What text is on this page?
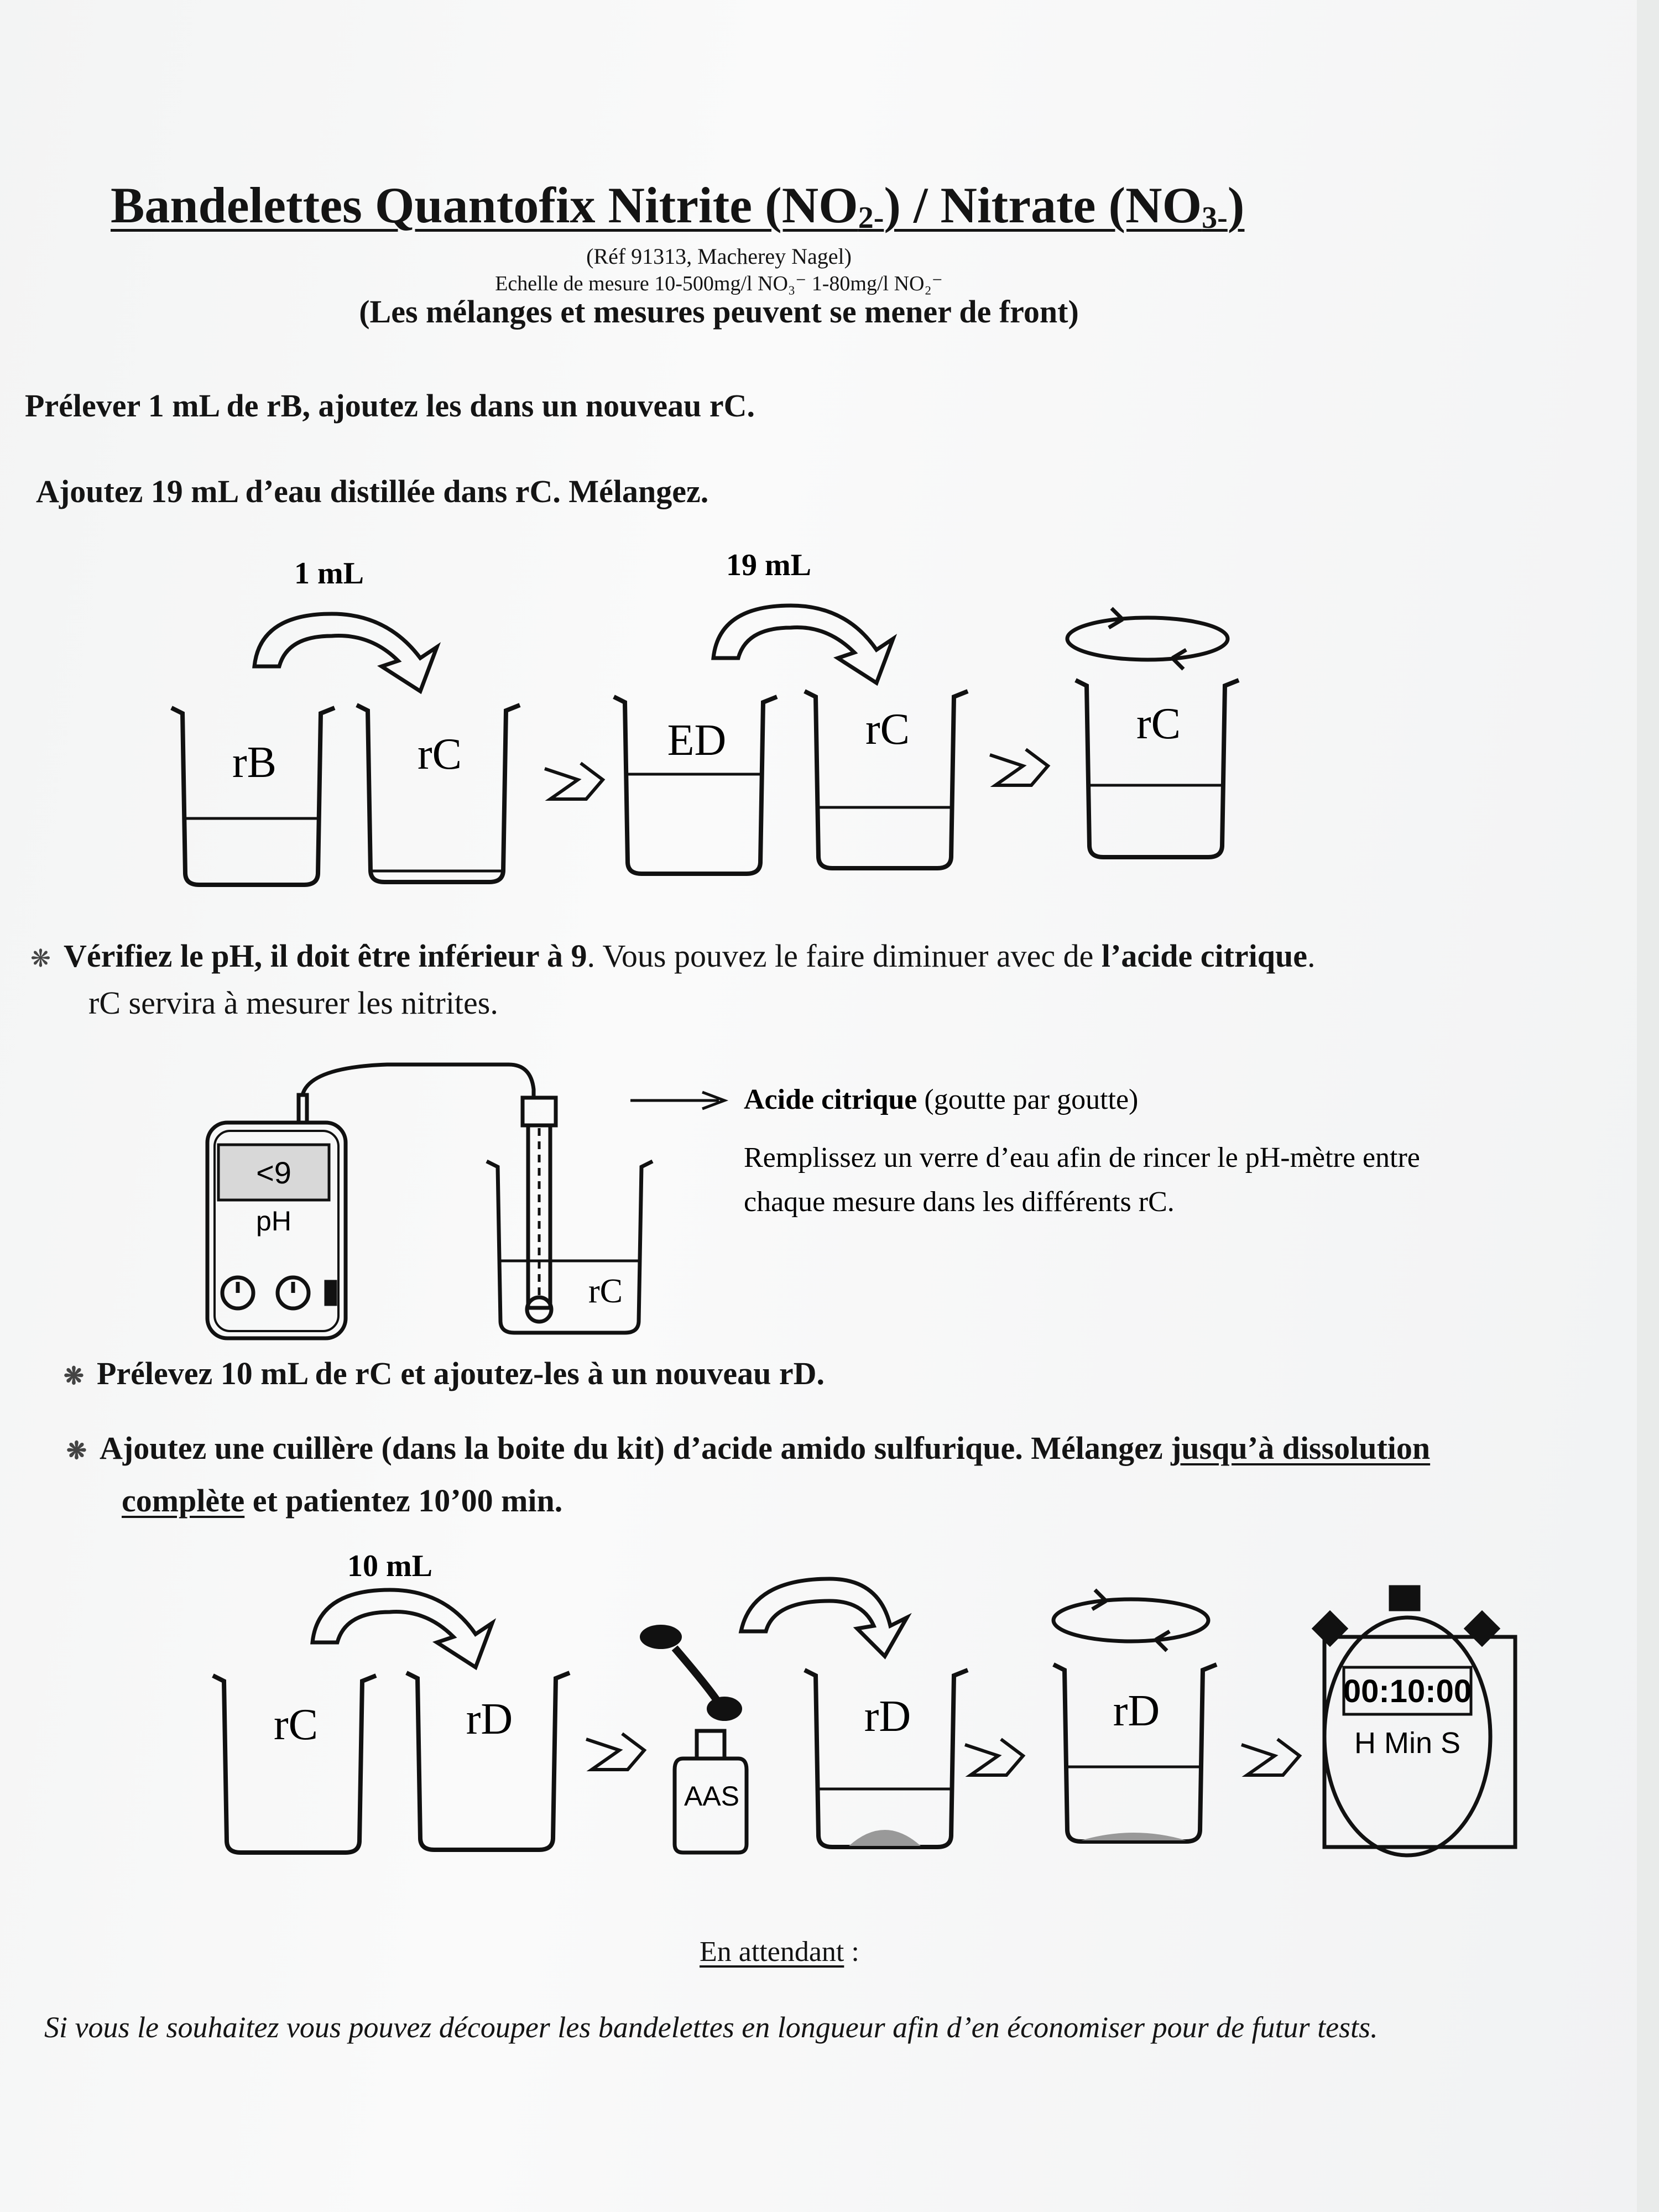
Bandelettes Quantofix Nitrite (NO2-) / Nitrate (NO3-)
(Réf 91313, Macherey Nagel)
Echelle de mesure 10-500mg/l NO₃⁻ 1-80mg/l NO₂⁻
(Les mélanges et mesures peuvent se mener de front)
Prélever 1 mL de rB, ajoutez les dans un nouveau rC.
Ajoutez 19 mL d’eau distillée dans rC. Mélangez.
1 mL	19 mL
rB	rC	ED	rC	rC
❋ Vérifiez le pH, il doit être inférieur à 9. Vous pouvez le faire diminuer avec de l’acide citrique.
rC servira à mesurer les nitrites.
<9
pH
rC
Acide citrique (goutte par goutte)
Remplissez un verre d’eau afin de rincer le pH-mètre entre
chaque mesure dans les différents rC.
❋ Prélevez 10 mL de rC et ajoutez-les à un nouveau rD.
❋ Ajoutez une cuillère (dans la boite du kit) d’acide amido sulfurique. Mélangez jusqu’à dissolution
complète et patientez 10’00 min.
10 mL
rC	rD
AAS
rD	rD	00:10:00
H Min S
En attendant :
Si vous le souhaitez vous pouvez découper les bandelettes en longueur afin d’en économiser pour de futur tests.
